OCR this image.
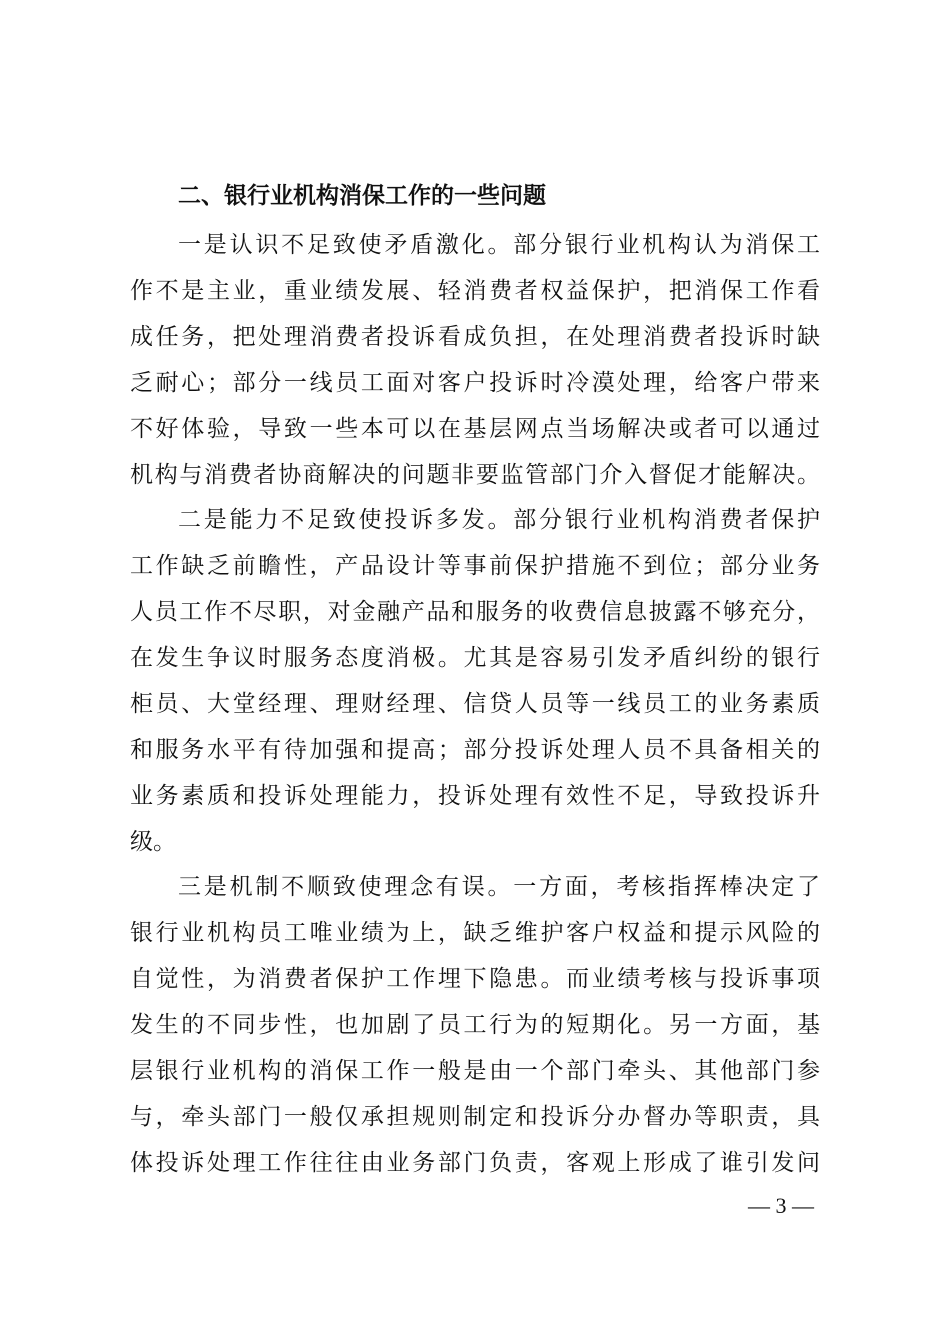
二、银行业机构消保工作的一些问题
一是认识不足致使矛盾激化。部分银行业机构认为消保工
作不是主业，重业绩发展、轻消费者权益保护，把消保工作看
成任务，把处理消费者投诉看成负担，在处理消费者投诉时缺
乏耐心；部分一线员工面对客户投诉时冷漠处理，给客户带来
不好体验，导致一些本可以在基层网点当场解决或者可以通过
机构与消费者协商解决的问题非要监管部门介入督促才能解决。
二是能力不足致使投诉多发。部分银行业机构消费者保护
工作缺乏前瞻性，产品设计等事前保护措施不到位；部分业务
人员工作不尽职，对金融产品和服务的收费信息披露不够充分，
在发生争议时服务态度消极。尤其是容易引发矛盾纠纷的银行
柜员、大堂经理、理财经理、信贷人员等一线员工的业务素质
和服务水平有待加强和提高；部分投诉处理人员不具备相关的
业务素质和投诉处理能力，投诉处理有效性不足，导致投诉升
级。
三是机制不顺致使理念有误。一方面，考核指挥棒决定了
银行业机构员工唯业绩为上，缺乏维护客户权益和提示风险的
自觉性，为消费者保护工作埋下隐患。而业绩考核与投诉事项
发生的不同步性，也加剧了员工行为的短期化。另一方面，基
层银行业机构的消保工作一般是由一个部门牵头、其他部门参
与，牵头部门一般仅承担规则制定和投诉分办督办等职责，具
体投诉处理工作往往由业务部门负责，客观上形成了谁引发问
— 3 —
